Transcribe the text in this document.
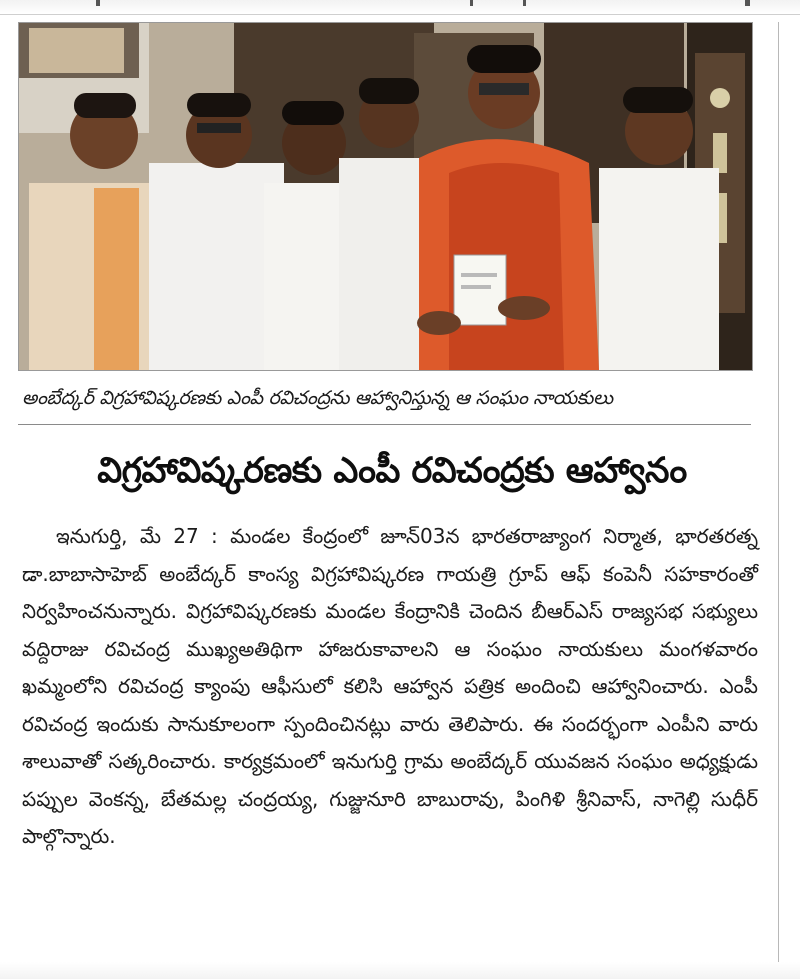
అంబేద్కర్ విగ్రహావిష్కరణకు ఎంపీ రవిచంద్రను ఆహ్వానిస్తున్న ఆ సంఘం నాయకులు
విగ్రహావిష్కరణకు ఎంపీ రవిచంద్రకు ఆహ్వానం

ఇనుగుర్తి, మే 27 : మండల కేంద్రంలో జూన్03న భారతరాజ్యాంగ నిర్మాత, భారతరత్న డా.బాబాసాహెబ్ అంబేద్కర్ కాంస్య విగ్రహావిష్కరణ గాయత్రి గ్రూప్ ఆఫ్ కంపెనీ సహకారంతో నిర్వహించనున్నారు. విగ్రహావిష్కరణకు మండల కేంద్రానికి చెందిన బీఆర్ఎస్ రాజ్యసభ సభ్యులు వద్దిరాజు రవిచంద్ర ముఖ్యఅతిథిగా హాజరుకావాలని ఆ సంఘం నాయకులు మంగళవారం ఖమ్మంలోని రవిచంద్ర క్యాంపు ఆఫీసులో కలిసి ఆహ్వాన పత్రిక అందించి ఆహ్వానించారు. ఎంపీ రవిచంద్ర ఇందుకు సానుకూలంగా స్పందించినట్లు వారు తెలిపారు. ఈ సందర్భంగా ఎంపీని వారు శాలువాతో సత్కరించారు. కార్యక్రమంలో ఇనుగుర్తి గ్రామ అంబేద్కర్ యువజన సంఘం అధ్యక్షుడు పప్పుల వెంకన్న, బేతమల్ల చంద్రయ్య, గుజ్జునూరి బాబురావు, పింగిళి శ్రీనివాస్, నాగెల్లి సుధీర్ పాల్గొన్నారు.
